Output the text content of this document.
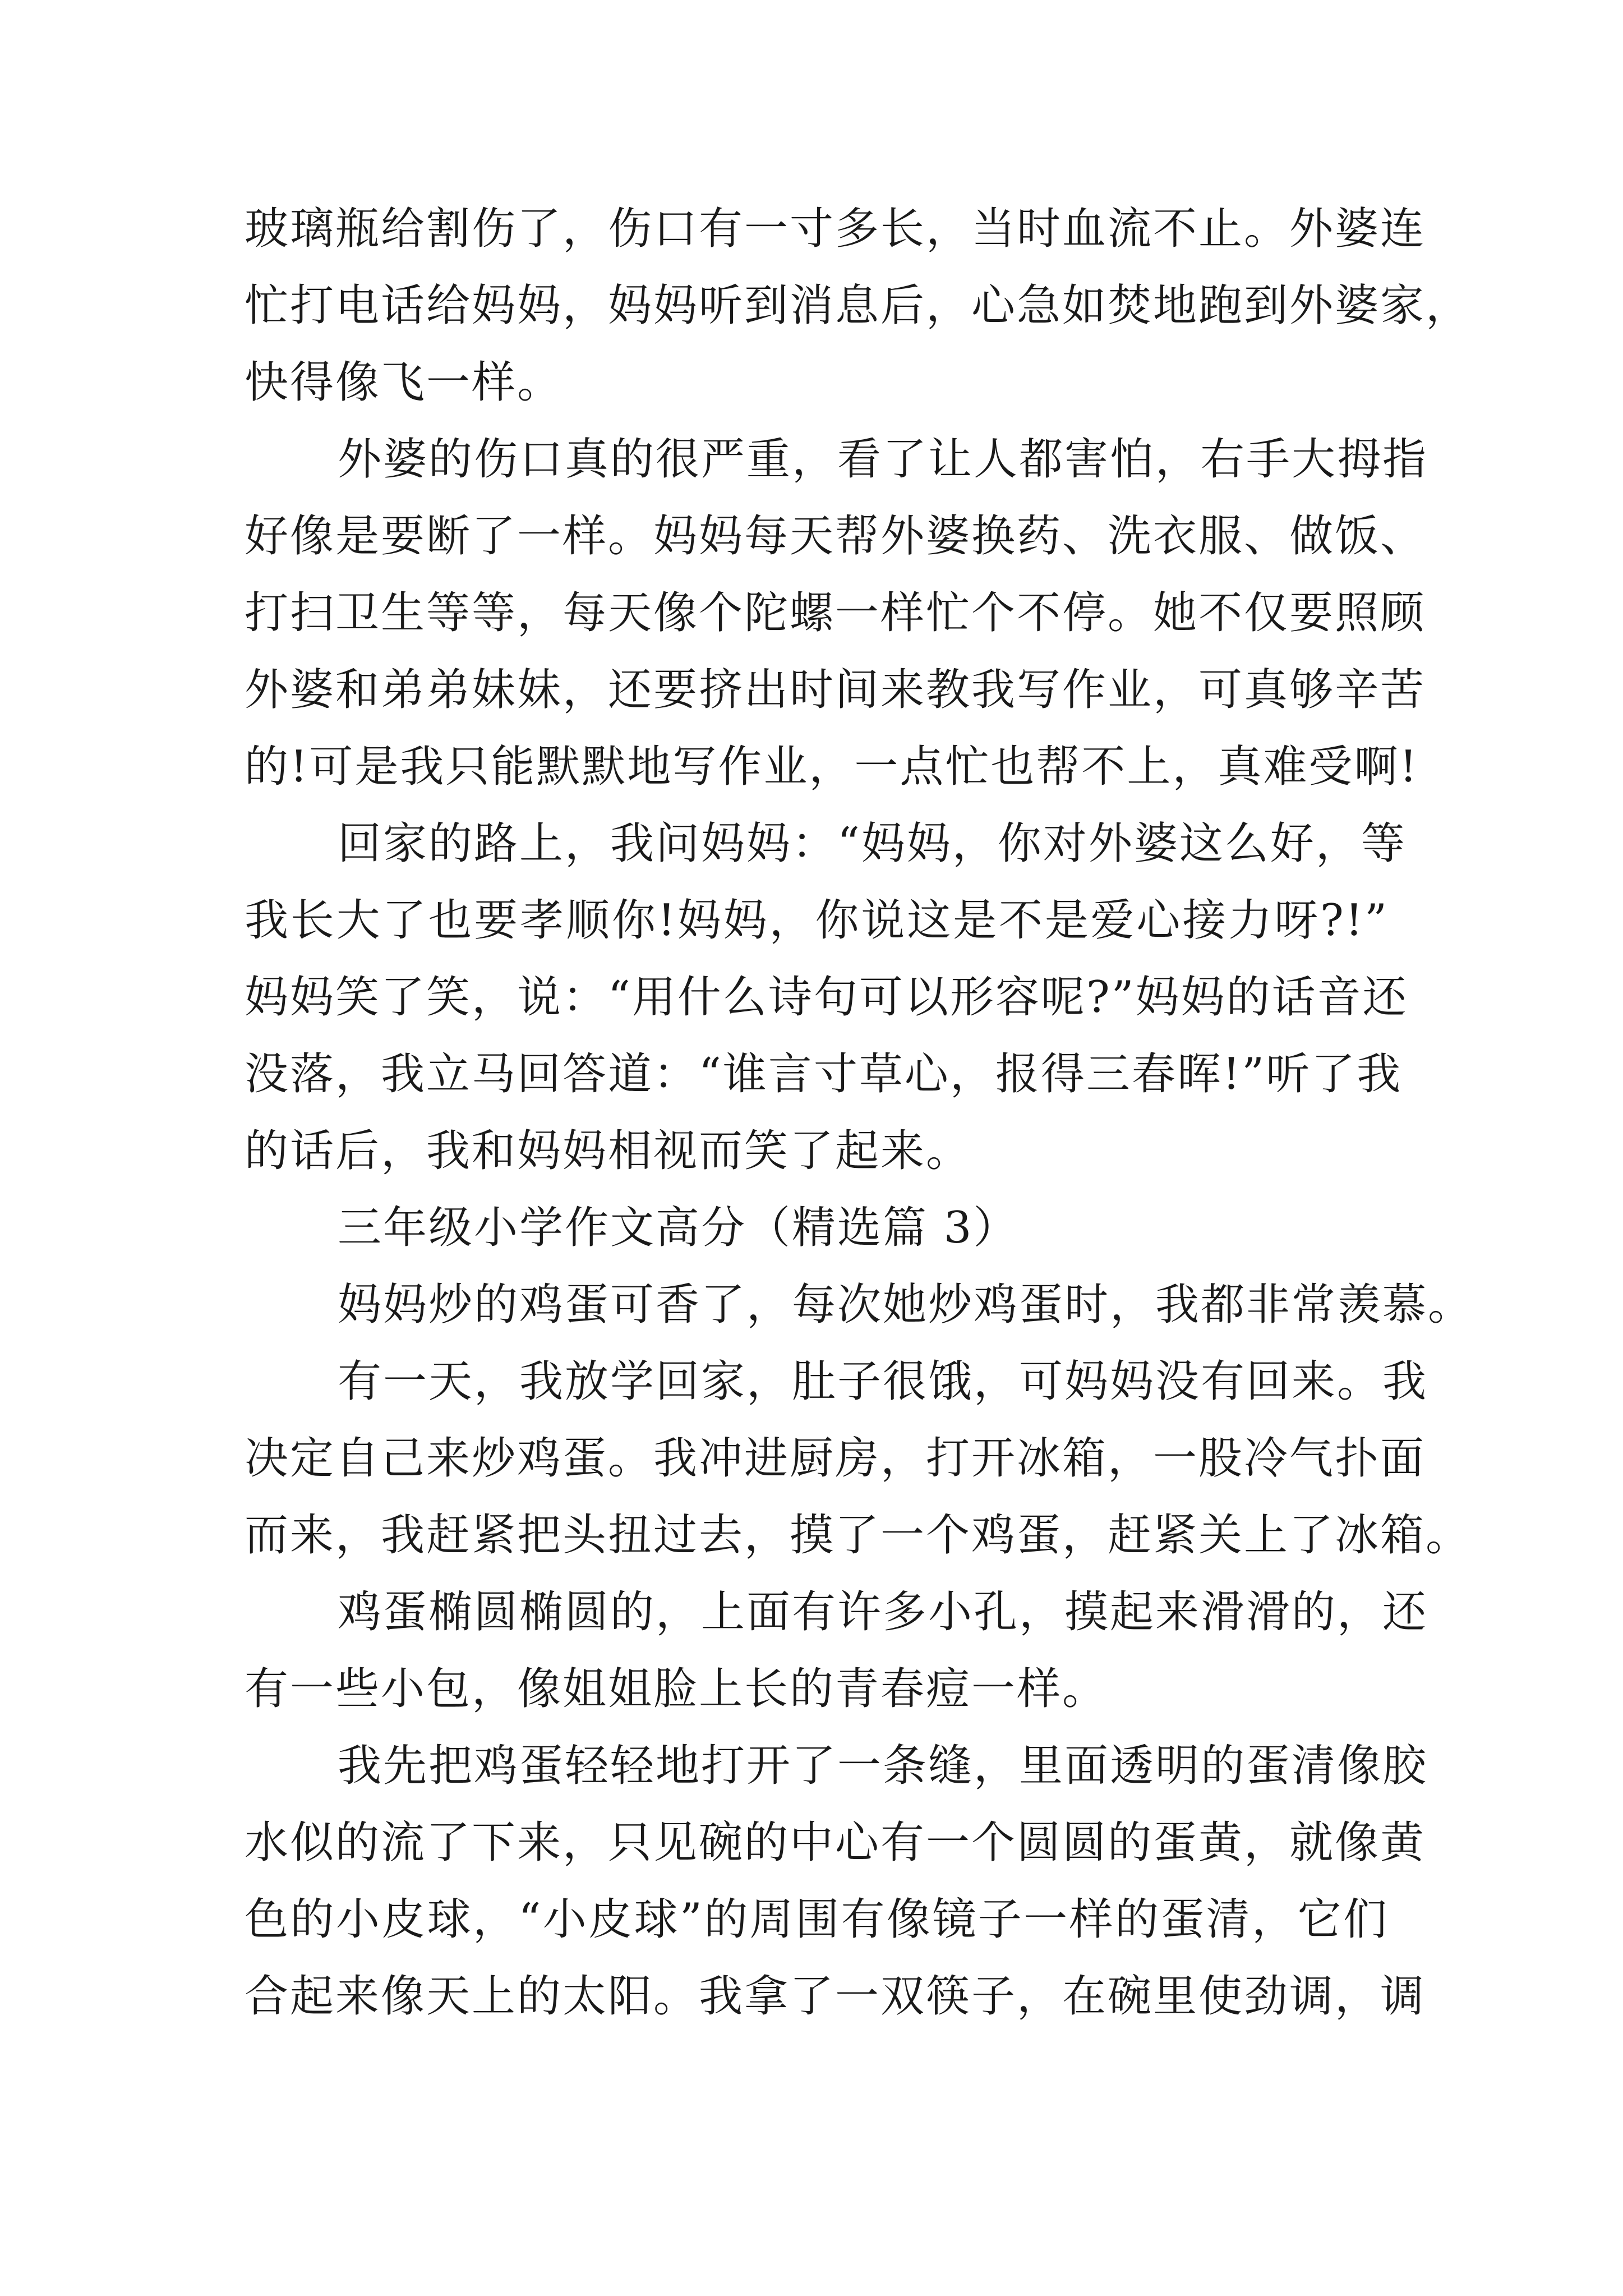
玻璃瓶给割伤了，伤口有一寸多长，当时血流不止。外婆连
忙打电话给妈妈，妈妈听到消息后，心急如焚地跑到外婆家，
快得像飞一样。
外婆的伤口真的很严重，看了让人都害怕，右手大拇指
好像是要断了一样。妈妈每天帮外婆换药、洗衣服、做饭、
打扫卫生等等，每天像个陀螺一样忙个不停。她不仅要照顾
外婆和弟弟妹妹，还要挤出时间来教我写作业，可真够辛苦
的!可是我只能默默地写作业，一点忙也帮不上，真难受啊!
回家的路上，我问妈妈：“妈妈，你对外婆这么好，等
我长大了也要孝顺你!妈妈，你说这是不是爱心接力呀?!”
妈妈笑了笑，说：“用什么诗句可以形容呢?”妈妈的话音还
没落，我立马回答道：“谁言寸草心，报得三春晖!”听了我
的话后，我和妈妈相视而笑了起来。
三年级小学作文高分（精选篇 3）
妈妈炒的鸡蛋可香了，每次她炒鸡蛋时，我都非常羡慕。
有一天，我放学回家，肚子很饿，可妈妈没有回来。我
决定自己来炒鸡蛋。我冲进厨房，打开冰箱，一股冷气扑面
而来，我赶紧把头扭过去，摸了一个鸡蛋，赶紧关上了冰箱。
鸡蛋椭圆椭圆的，上面有许多小孔，摸起来滑滑的，还
有一些小包，像姐姐脸上长的青春痘一样。
我先把鸡蛋轻轻地打开了一条缝，里面透明的蛋清像胶
水似的流了下来，只见碗的中心有一个圆圆的蛋黄，就像黄
色的小皮球，“小皮球”的周围有像镜子一样的蛋清，它们
合起来像天上的太阳。我拿了一双筷子，在碗里使劲调，调
